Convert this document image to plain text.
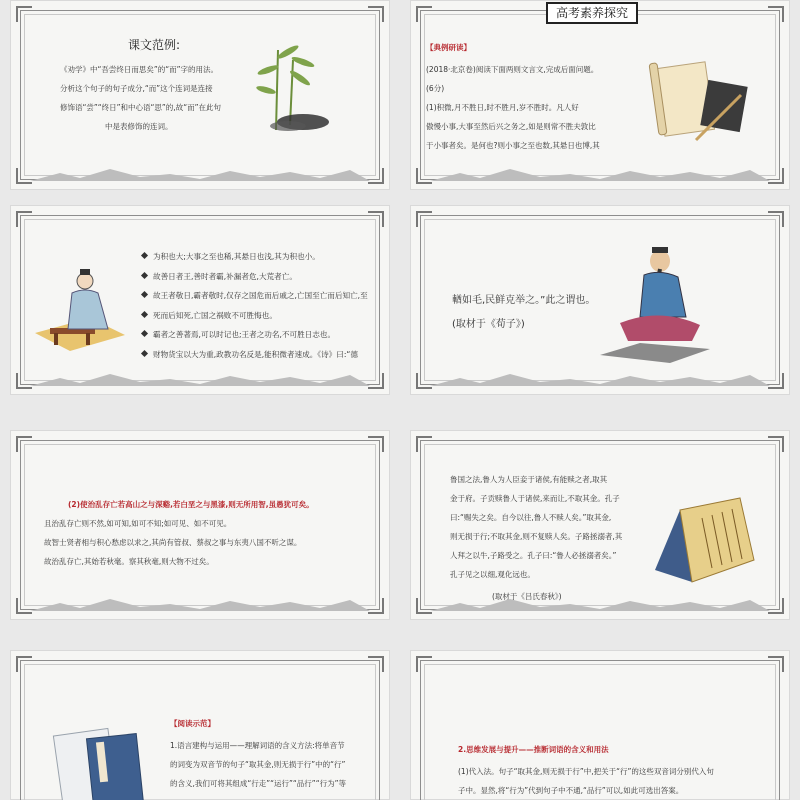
课文范例:
《劝学》中“吾尝终日而思矣”的“而”字的用法。
分析这个句子的句子成分,“而”这个连词是连接
修饰语“尝”“终日”和中心语“思”的,故“而”在此句
中是表修饰的连词。
高考素养探究
【典例研读】
(2018·北京卷)阅读下面两则文言文,完成后面问题。
(6分)
(1)积微,月不胜日,时不胜月,岁不胜时。凡人好
傲慢小事,大事至然后兴之务之,如是则常不胜夫敦比
于小事者矣。是何也?则小事之至也数,其悬日也博,其
为积也大;大事之至也稀,其悬日也浅,其为积也小。
故善日者王,善时者霸,补漏者危,大荒者亡。
故王者敬日,霸者敬时,仅存之国危而后戚之,亡国至亡而后知亡,至
死而后知死,亡国之祸败不可胜悔也。
霸者之善著焉,可以时记也;王者之功名,不可胜日志也。
财物货宝以大为重,政教功名反是,能积微者速成。《诗》曰:“德
輶如毛,民鲜克举之。”此之谓也。
(取材于《荀子》)
(2)使治乱存亡若高山之与深谿,若白垩之与黑漆,则无所用智,虽愚犹可矣。
且治乱存亡则不然,如可知,如可不知;如可见、如不可见。
故智士贤者相与积心愁虑以求之,其尚有管叔、蔡叔之事与东夷八国不听之谋。
故治乱存亡,其始若秋毫。察其秋毫,则大物不过矣。
鲁国之法,鲁人为人臣妾于诸侯,有能赎之者,取其
金于府。子贡赎鲁人于诸侯,来而让,不取其金。孔子
曰:“赐失之矣。自今以往,鲁人不赎人矣。”取其金,
则无损于行;不取其金,则不复赎人矣。子路拯溺者,其
人拜之以牛,子路受之。孔子曰:“鲁人必拯溺者矣。”
孔子见之以细,观化远也。
(取材于《吕氏春秋》)
【阅读示范】
1.语言建构与运用——理解词语的含义方法:将单音节
的词变为双音节的句子“取其金,则无损于行”中的“行”
的含义,我们可将其组成“行走”“运行”“品行”“行为”等
2.思维发展与提升——推断词语的含义和用法
(1)代入法。句子“取其金,则无损于行”中,把关于“行”的这些双音词分别代入句
子中。显然,将“行为”代到句子中不通,“品行”可以,如此可选出答案。
